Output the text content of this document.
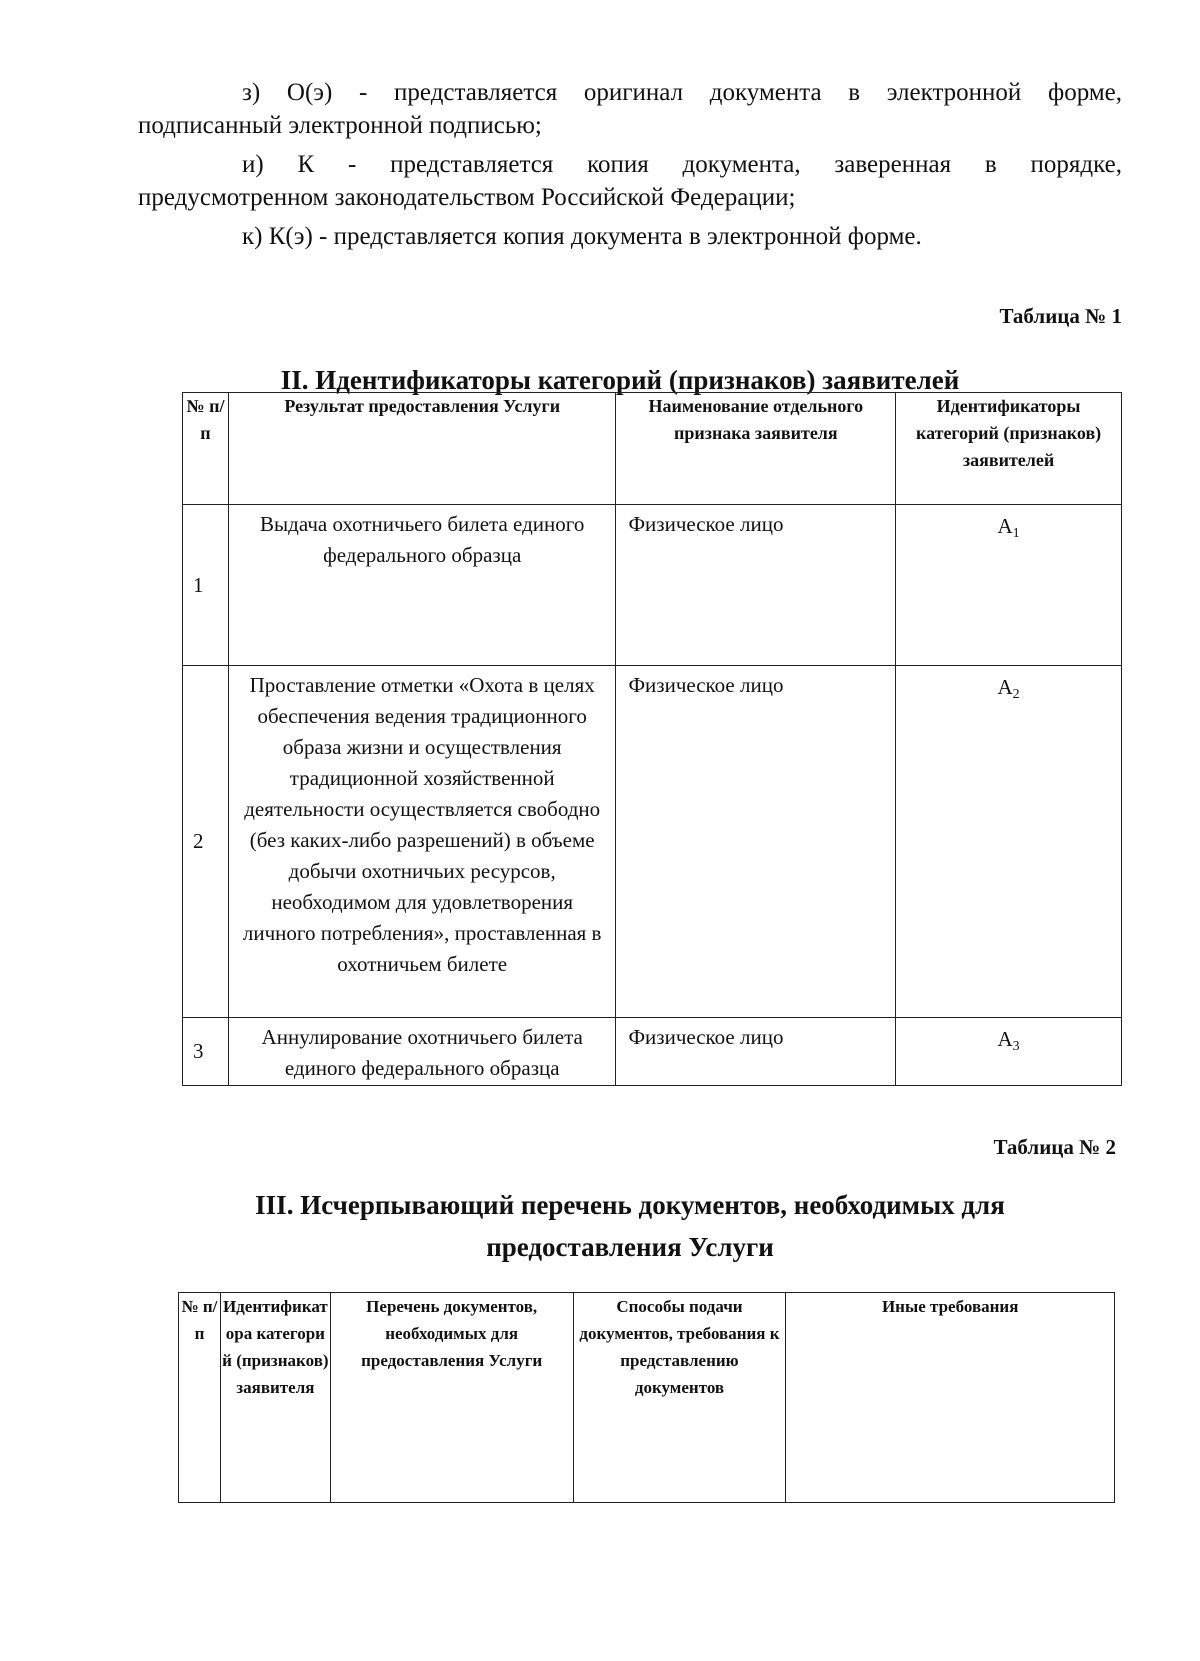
з) О(э) - представляется оригинал документа в электронной форме,
подписанный электронной подписью;

и) К - представляется копия документа, заверенная в порядке,
предусмотренном законодательством Российской Федерации;

к) К(э) - представляется копия документа в электронной форме.

Таблица № 1
II. Идентификаторы категорий (признаков) заявителей
№ п/п	Результат предоставления Услуги	Наименование отдельного признака заявителя	Идентификаторы категорий (признаков) заявителей
1	Выдача охотничьего билета единого федерального образца	Физическое лицо	$А_1$
2	Проставление отметки «Охота в целях обеспечения ведения традиционного образа жизни и осуществления традиционной хозяйственной деятельности осуществляется свободно (без каких-либо разрешений) в объеме добычи охотничьих ресурсов, необходимом для удовлетворения личного потребления», проставленная в охотничьем билете	Физическое лицо	$А_2$
3	Аннулирование охотничьего билета единого федерального образца	Физическое лицо	$А_3$
Таблица № 2
III. Исчерпывающий перечень документов, необходимых для
предоставления Услуги
№ п/ п	Идентификатора категорий (признаков) заявителя	Перечень документов, необходимых для предоставления Услуги	Способы подачи документов, требования к представлению документов	Иные требования
